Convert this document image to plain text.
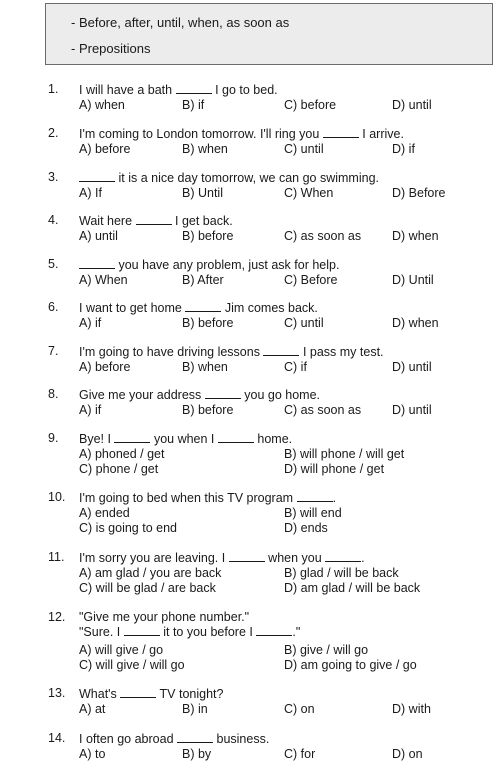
- Before, after, until, when, as soon as
- Prepositions
1. I will have a bath	I go to bed.
A) when	B) if	C) before	D) until
2. I'm coming to London tomorrow. I'll ring you	I arrive.
A) before	B) when	C) until	D) if
3.	it is a nice day tomorrow, we can go swimming.
A) If	B) Until	C) When	D) Before
4. Wait here	I get back.
A) until	B) before	C) as soon as D) when
5.	you have any problem, just ask for help.
A) When	B) After	C) Before	D) Until
6. I want to get home	Jim comes back.
A) if	B) before	C) until	D) when
7. I'm going to have driving lessons	I pass my test.
A) before	B) when	C) if	D) until
8. Give me your address	you go home.
A) if	B) before	C) as soon as D) until
9. Bye! I	you when I	home.
A) phoned / get	B) will phone / will get
C) phone / get	D) will phone / get
10. I'm going to bed when this TV program	.
A) ended	B) will end
C) is going to end	D) ends
11. I'm sorry you are leaving. I	when you	.
A) am glad / you are back	B) glad / will be back
C) will be glad / are back	D) am glad / will be back
12. "Give me your phone number."
"Sure. I	it to you before I	."
A) will give / go	B) give / will go
C) will give / will go	D) am going to give / go
13. What's	TV tonight?
A) at	B) in	C) on	D) with
14. I often go abroad	business.
A) to	B) by	C) for	D) on
